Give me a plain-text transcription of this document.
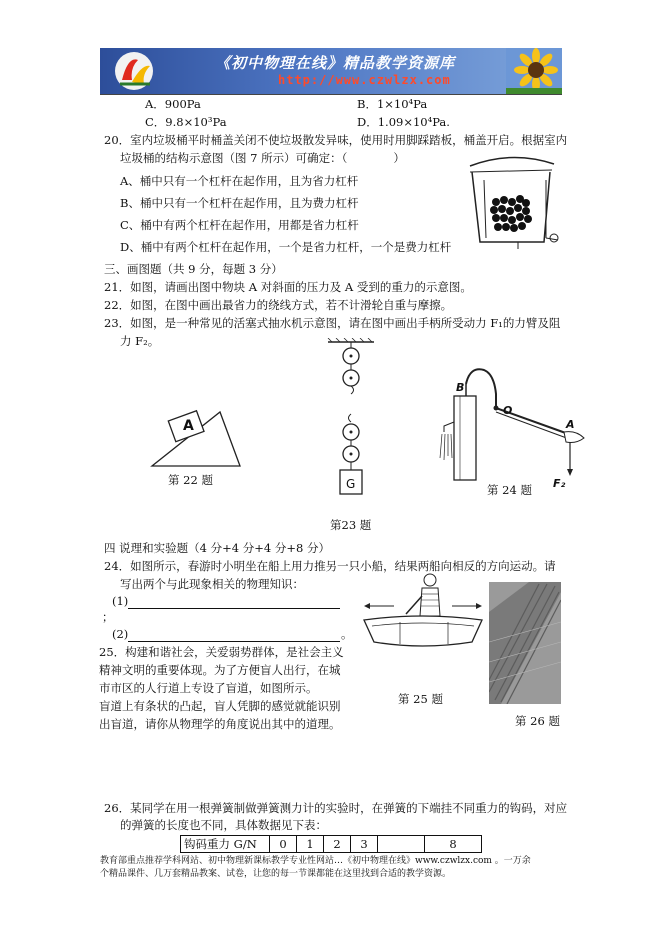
《初中物理在线》精品教学资源库
http://www.czwlzx.com
A．900Pa	B．1×10⁴Pa
C．9.8×10³Pa	D．1.09×10⁴Pa.
20．室内垃圾桶平时桶盖关闭不使垃圾散发异味，使用时用脚踩踏板，桶盖开启。根据室内
垃圾桶的结构示意图（图 7 所示）可确定：（　　　　）
A、桶中只有一个杠杆在起作用，且为省力杠杆
B、桶中只有一个杠杆在起作用，且为费力杠杆
C、桶中有两个杠杆在起作用，用都是省力杠杆
D、桶中有两个杠杆在起作用，一个是省力杠杆，一个是费力杠杆
三、画图题（共 9 分，每题 3 分）
21．如图，请画出图中物块 A 对斜面的压力及 A 受到的重力的示意图。
22．如图，在图中画出最省力的绕线方式，若不计滑轮自重与摩擦。
23．如图，是一种常见的活塞式抽水机示意图，请在图中画出手柄所受动力 F₁的力臂及阻
力 F₂。
A
第 22 题	G
第23 题
B
O
A
F₂
第 24 题
四 说理和实验题（4 分+4 分+4 分+8 分）
24．如图所示，春游时小明坐在船上用力推另一只小船，结果两船向相反的方向运动。请
写出两个与此现象相关的物理知识：
(1)
；
(2)	。
25．构建和谐社会，关爱弱势群体，是社会主义
精神文明的重要体现。为了方便盲人出行，在城
市市区的人行道上专设了盲道，如图所示。
盲道上有条状的凸起，盲人凭脚的感觉就能识别
出盲道，请你从物理学的角度说出其中的道理。
第 25 题
第 26 题
26．某同学在用一根弹簧制做弹簧测力计的实验时，在弹簧的下端挂不同重力的钩码，对应
的弹簧的长度也不同，具体数据见下表：
钩码重力 G/N	0	1	2	3		8
教育部重点推荐学科网站、初中物理新课标教学专业性网站…《初中物理在线》www.czwlzx.com 。一万余
个精品课件、几万套精品教案、试卷，让您的每一节课都能在这里找到合适的教学资源。
